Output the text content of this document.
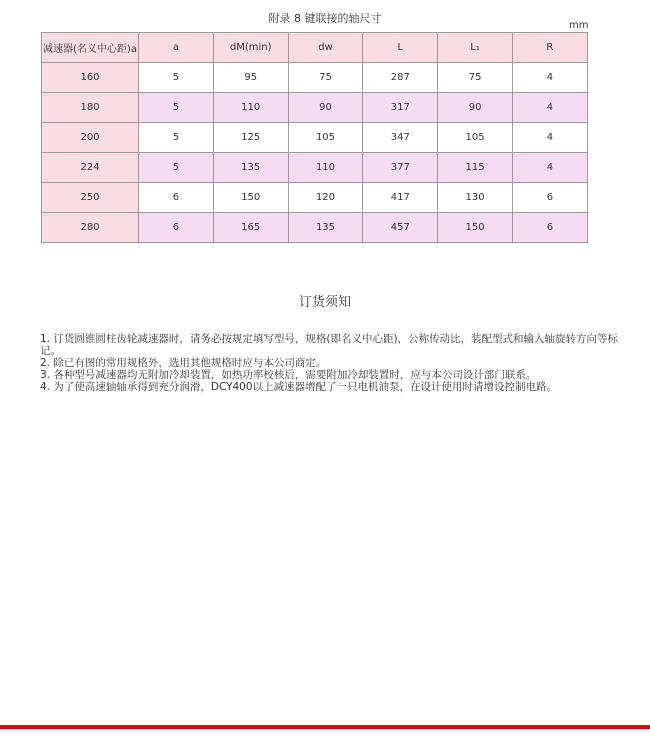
附录 8 键联接的轴尺寸
mm
减速器(名义中心距)a	a	dM(min)	dw	L	L₁	R
160	5	95	75	287	75	4
180	5	110	90	317	90	4
200	5	125	105	347	105	4
224	5	135	110	377	115	4
250	6	150	120	417	130	6
280	6	165	135	457	150	6
订货须知

1. 订货圆锥圆柱齿轮减速器时，请务必按规定填写型号，规格(即名义中心距)，公称传动比，装配型式和输入轴旋转方向等标记。

2. 除已有图的常用规格外，选用其他规格时应与本公司商定。

3. 各种型号减速器均无附加冷却装置，如热功率校核后，需要附加冷却装置时，应与本公司设计部门联系。

4. 为了使高速轴轴承得到充分润滑，DCY400以上减速器增配了一只电机油泵，在设计使用时请增设控制电路。
